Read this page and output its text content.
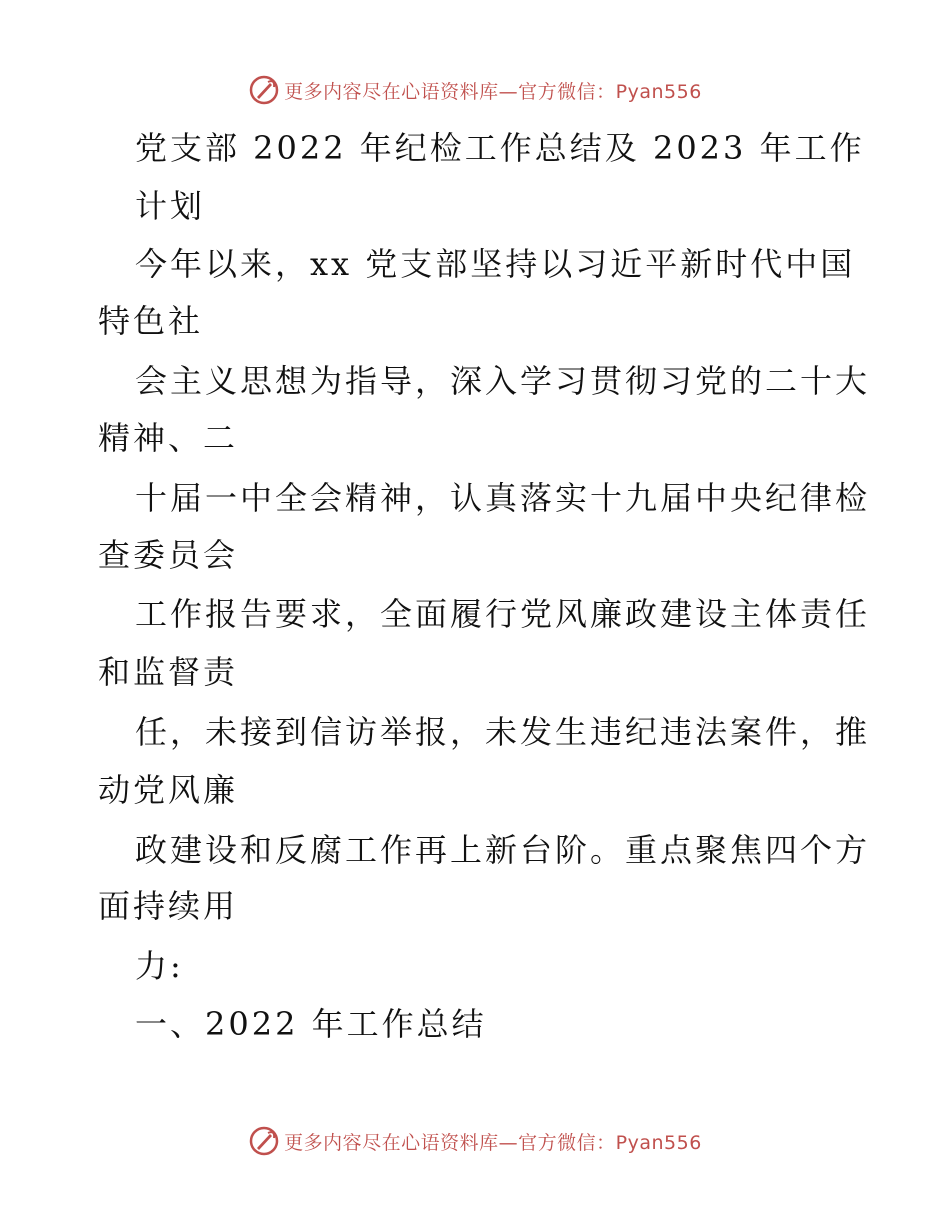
更多内容尽在心语资料库—官方微信：Pyan556
党支部 2022 年纪检工作总结及 2023 年工作
计划
今年以来，xx 党支部坚持以习近平新时代中国
特色社
会主义思想为指导，深入学习贯彻习党的二十大
精神、二
十届一中全会精神，认真落实十九届中央纪律检
查委员会
工作报告要求，全面履行党风廉政建设主体责任
和监督责
任，未接到信访举报，未发生违纪违法案件，推
动党风廉
政建设和反腐工作再上新台阶。重点聚焦四个方
面持续用
力:
一、2022 年工作总结
更多内容尽在心语资料库—官方微信：Pyan556
